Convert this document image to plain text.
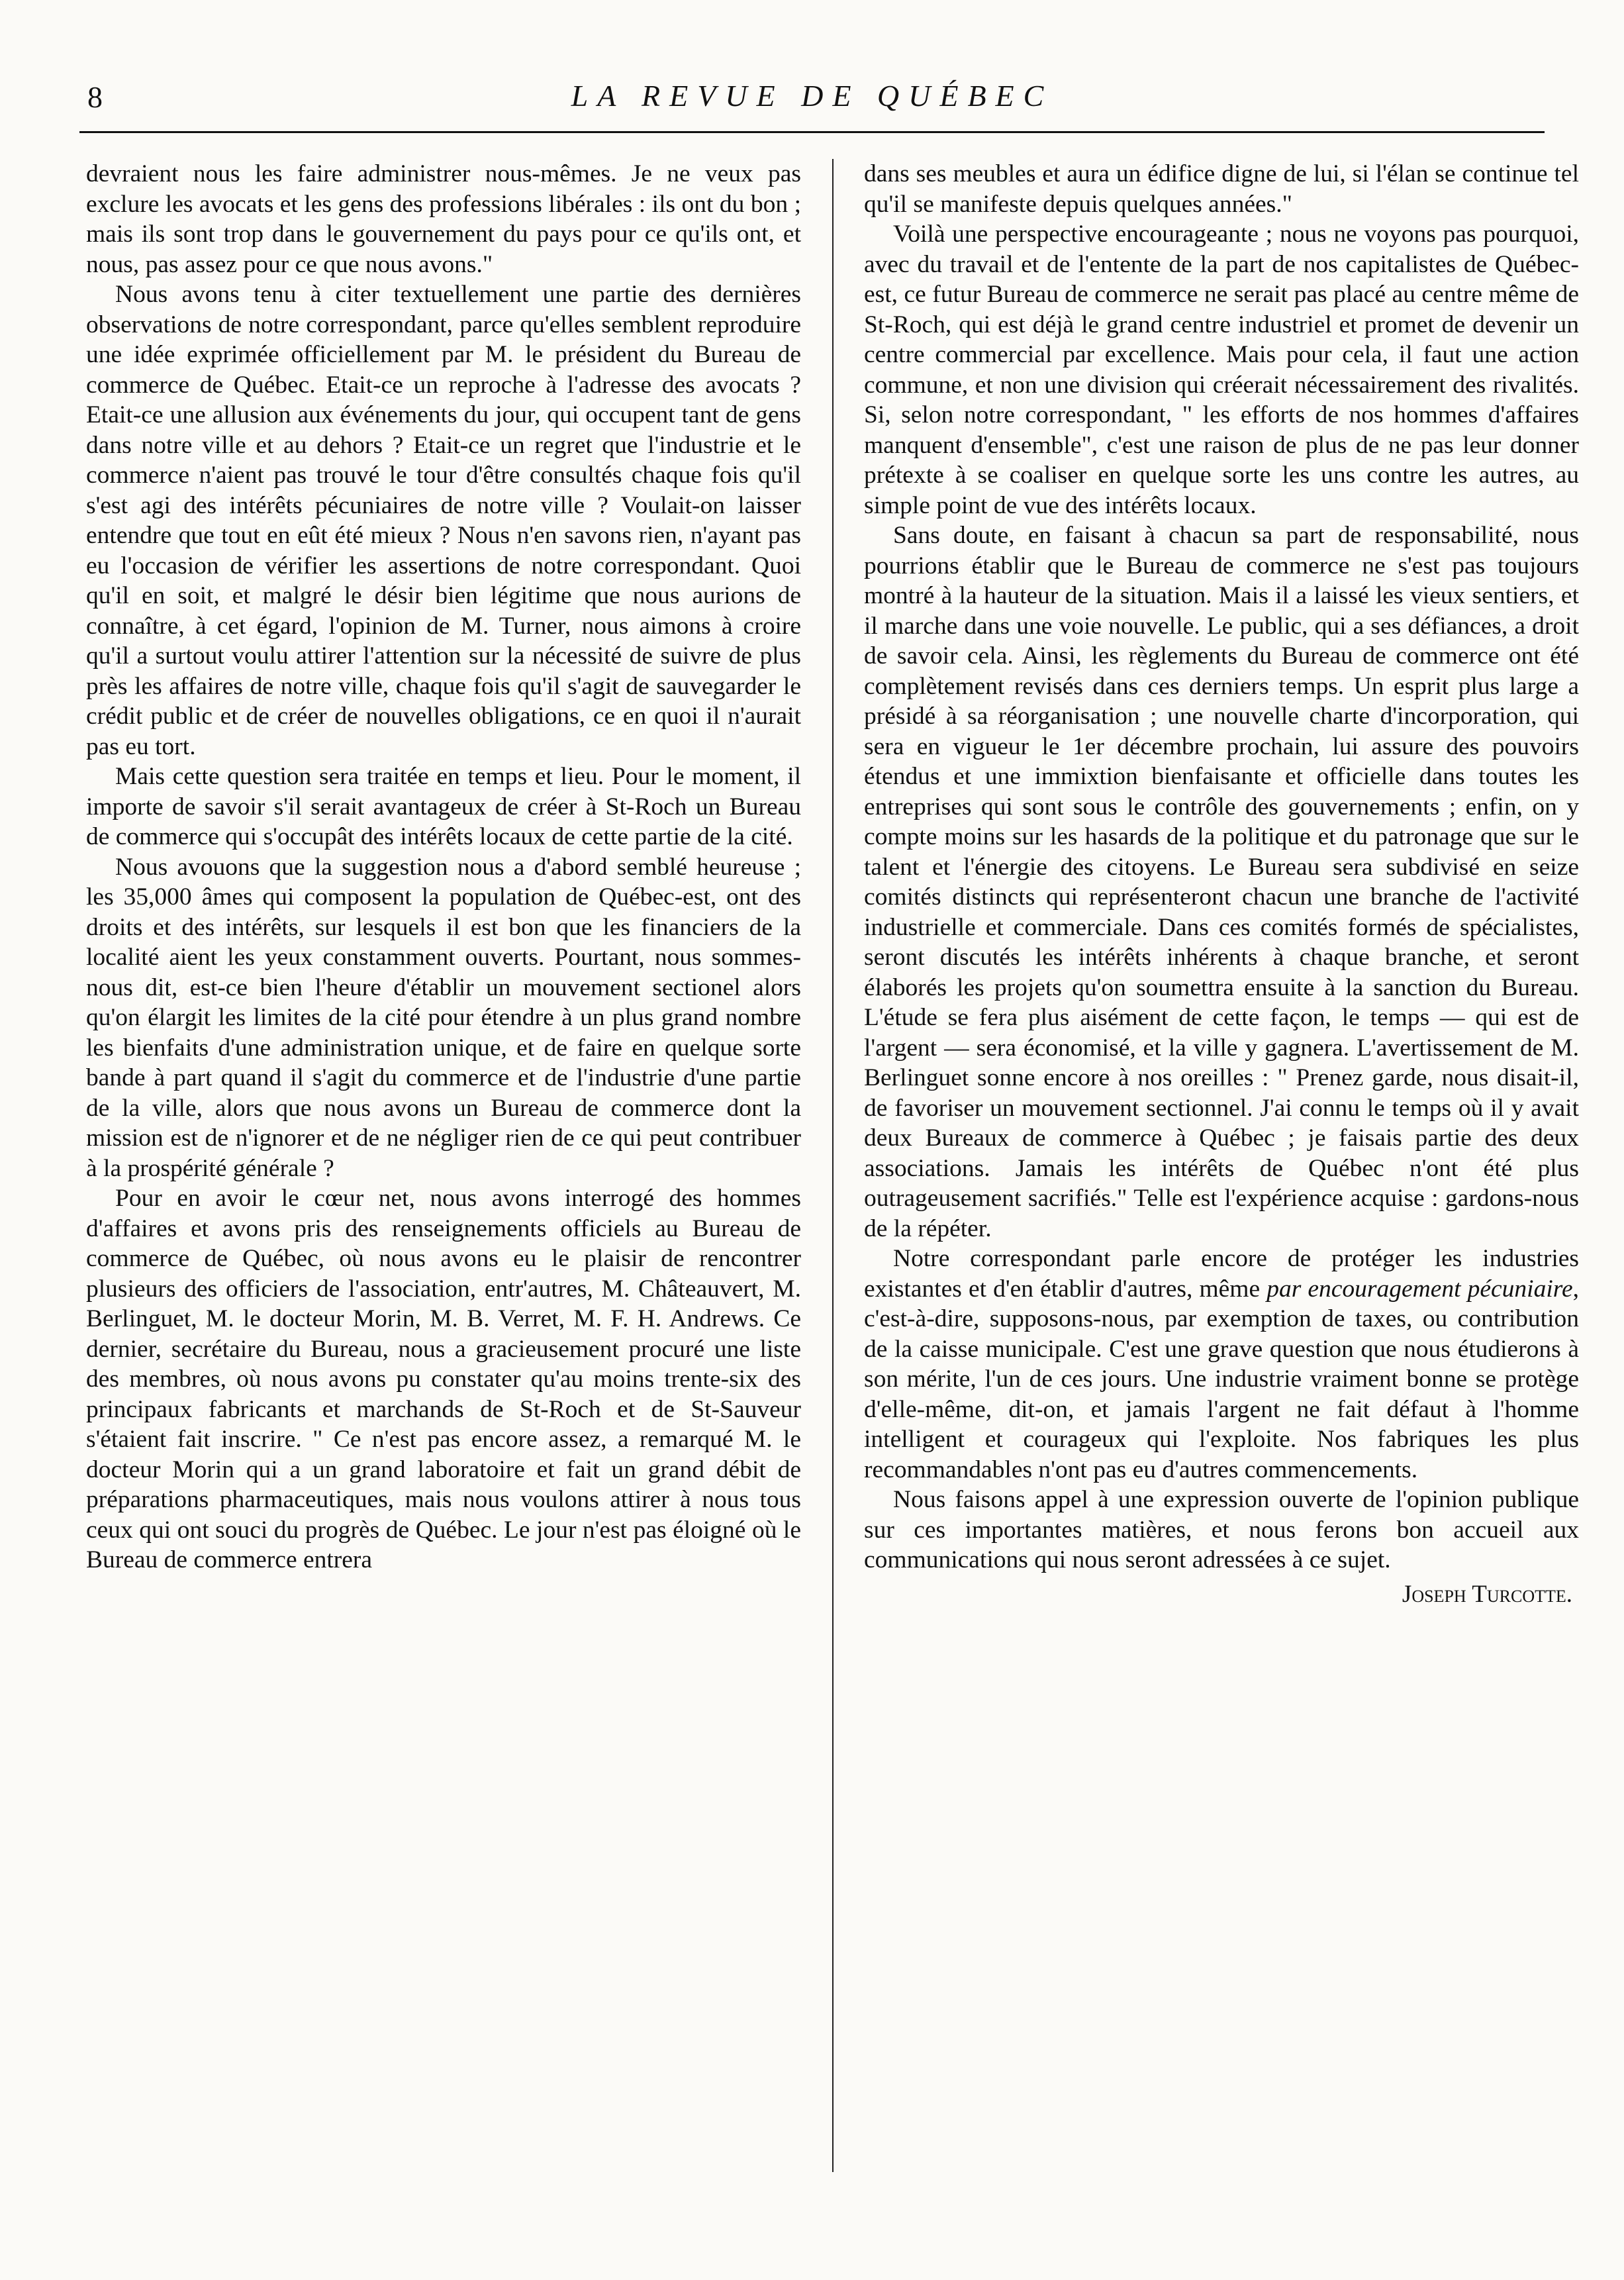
8	LA REVUE DE QUÉBEC

devraient nous les faire administrer nous-mêmes. Je ne veux pas exclure les avocats et les gens des professions libérales : ils ont du bon ; mais ils sont trop dans le gouvernement du pays pour ce qu'ils ont, et nous, pas assez pour ce que nous avons."

Nous avons tenu à citer textuellement une partie des dernières observations de notre correspondant, parce qu'elles semblent reproduire une idée exprimée officiellement par M. le président du Bureau de commerce de Québec. Etait-ce un reproche à l'adresse des avocats ? Etait-ce une allusion aux événements du jour, qui occupent tant de gens dans notre ville et au dehors ? Etait-ce un regret que l'industrie et le commerce n'aient pas trouvé le tour d'être consultés chaque fois qu'il s'est agi des intérêts pécuniaires de notre ville ? Voulait-on laisser entendre que tout en eût été mieux ? Nous n'en savons rien, n'ayant pas eu l'occasion de vérifier les assertions de notre correspondant. Quoi qu'il en soit, et malgré le désir bien légitime que nous aurions de connaître, à cet égard, l'opinion de M. Turner, nous aimons à croire qu'il a surtout voulu attirer l'attention sur la nécessité de suivre de plus près les affaires de notre ville, chaque fois qu'il s'agit de sauvegarder le crédit public et de créer de nouvelles obligations, ce en quoi il n'aurait pas eu tort.

Mais cette question sera traitée en temps et lieu. Pour le moment, il importe de savoir s'il serait avantageux de créer à St-Roch un Bureau de commerce qui s'occupât des intérêts locaux de cette partie de la cité.

Nous avouons que la suggestion nous a d'abord semblé heureuse ; les 35,000 âmes qui composent la population de Québec-est, ont des droits et des intérêts, sur lesquels il est bon que les financiers de la localité aient les yeux constamment ouverts. Pourtant, nous sommes-nous dit, est-ce bien l'heure d'établir un mouvement sectionel alors qu'on élargit les limites de la cité pour étendre à un plus grand nombre les bienfaits d'une administration unique, et de faire en quelque sorte bande à part quand il s'agit du commerce et de l'industrie d'une partie de la ville, alors que nous avons un Bureau de commerce dont la mission est de n'ignorer et de ne négliger rien de ce qui peut contribuer à la prospérité générale ?

Pour en avoir le cœur net, nous avons interrogé des hommes d'affaires et avons pris des renseignements officiels au Bureau de commerce de Québec, où nous avons eu le plaisir de rencontrer plusieurs des officiers de l'association, entr'autres, M. Châteauvert, M. Berlinguet, M. le docteur Morin, M. B. Verret, M. F. H. Andrews. Ce dernier, secrétaire du Bureau, nous a gracieusement procuré une liste des membres, où nous avons pu constater qu'au moins trente-six des principaux fabricants et marchands de St-Roch et de St-Sauveur s'étaient fait inscrire. " Ce n'est pas encore assez, a remarqué M. le docteur Morin qui a un grand laboratoire et fait un grand débit de préparations pharmaceutiques, mais nous voulons attirer à nous tous ceux qui ont souci du progrès de Québec. Le jour n'est pas éloigné où le Bureau de commerce entrera

dans ses meubles et aura un édifice digne de lui, si l'élan se continue tel qu'il se manifeste depuis quelques années."

Voilà une perspective encourageante ; nous ne voyons pas pourquoi, avec du travail et de l'entente de la part de nos capitalistes de Québec-est, ce futur Bureau de commerce ne serait pas placé au centre même de St-Roch, qui est déjà le grand centre industriel et promet de devenir un centre commercial par excellence. Mais pour cela, il faut une action commune, et non une division qui créerait nécessairement des rivalités. Si, selon notre correspondant, " les efforts de nos hommes d'affaires manquent d'ensemble", c'est une raison de plus de ne pas leur donner prétexte à se coaliser en quelque sorte les uns contre les autres, au simple point de vue des intérêts locaux.

Sans doute, en faisant à chacun sa part de responsabilité, nous pourrions établir que le Bureau de commerce ne s'est pas toujours montré à la hauteur de la situation. Mais il a laissé les vieux sentiers, et il marche dans une voie nouvelle. Le public, qui a ses défiances, a droit de savoir cela. Ainsi, les règlements du Bureau de commerce ont été complètement revisés dans ces derniers temps. Un esprit plus large a présidé à sa réorganisation ; une nouvelle charte d'incorporation, qui sera en vigueur le 1er décembre prochain, lui assure des pouvoirs étendus et une immixtion bienfaisante et officielle dans toutes les entreprises qui sont sous le contrôle des gouvernements ; enfin, on y compte moins sur les hasards de la politique et du patronage que sur le talent et l'énergie des citoyens. Le Bureau sera subdivisé en seize comités distincts qui représenteront chacun une branche de l'activité industrielle et commerciale. Dans ces comités formés de spécialistes, seront discutés les intérêts inhérents à chaque branche, et seront élaborés les projets qu'on soumettra ensuite à la sanction du Bureau. L'étude se fera plus aisément de cette façon, le temps — qui est de l'argent — sera économisé, et la ville y gagnera. L'avertissement de M. Berlinguet sonne encore à nos oreilles : " Prenez garde, nous disait-il, de favoriser un mouvement sectionnel. J'ai connu le temps où il y avait deux Bureaux de commerce à Québec ; je faisais partie des deux associations. Jamais les intérêts de Québec n'ont été plus outrageusement sacrifiés." Telle est l'expérience acquise : gardons-nous de la répéter.

Notre correspondant parle encore de protéger les industries existantes et d'en établir d'autres, même par encouragement pécuniaire, c'est-à-dire, supposons-nous, par exemption de taxes, ou contribution de la caisse municipale. C'est une grave question que nous étudierons à son mérite, l'un de ces jours. Une industrie vraiment bonne se protège d'elle-même, dit-on, et jamais l'argent ne fait défaut à l'homme intelligent et courageux qui l'exploite. Nos fabriques les plus recommandables n'ont pas eu d'autres commencements.

Nous faisons appel à une expression ouverte de l'opinion publique sur ces importantes matières, et nous ferons bon accueil aux communications qui nous seront adressées à ce sujet.

Joseph Turcotte.
